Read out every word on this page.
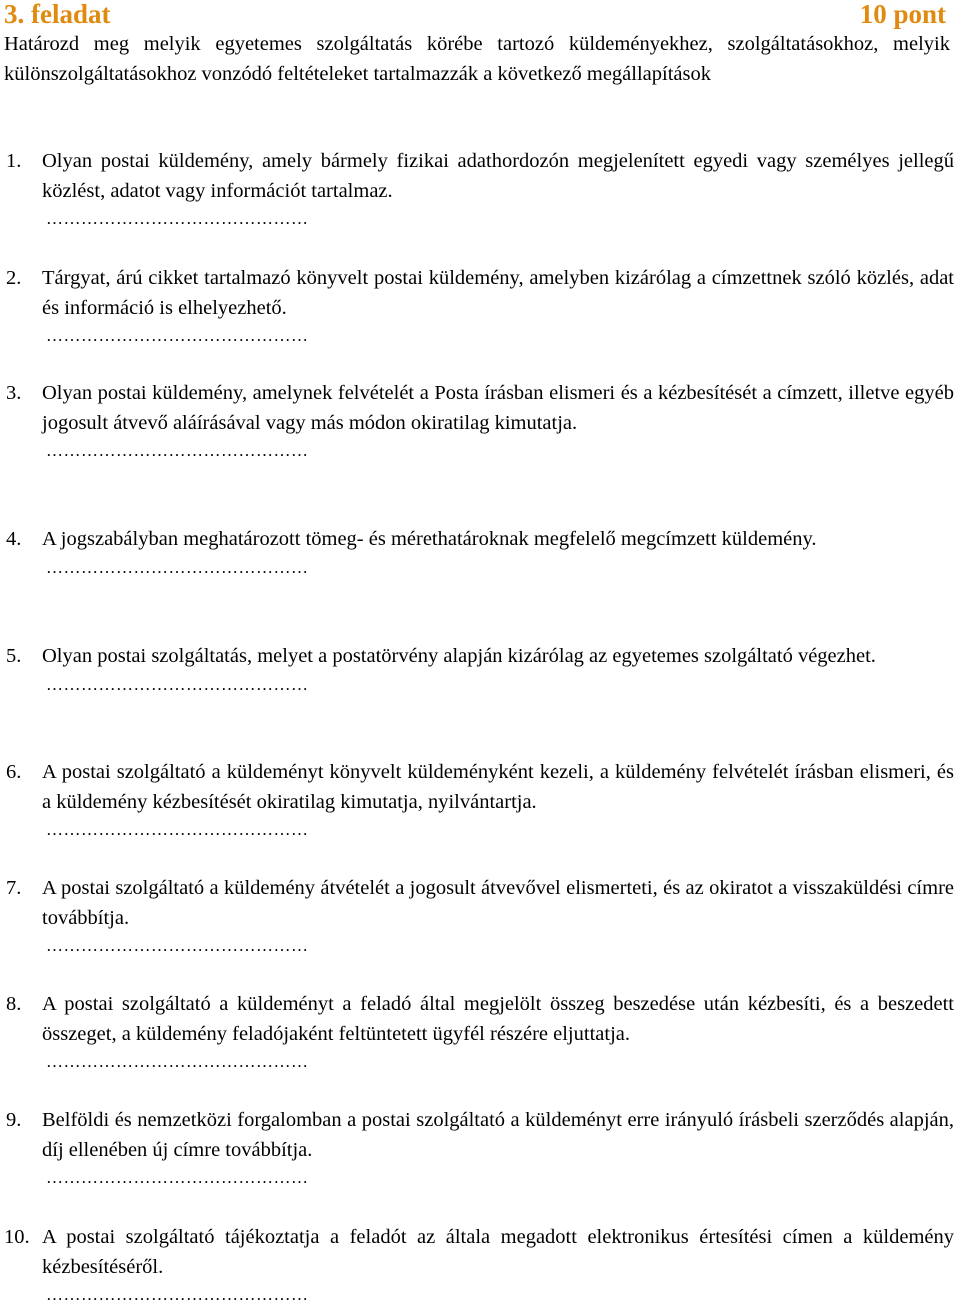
3. feladat	10 pont
Határozd meg melyik egyetemes szolgáltatás körébe tartozó küldeményekhez, szolgáltatásokhoz, melyik különszolgáltatásokhoz vonzódó feltételeket tartalmazzák a következő megállapítások
1. Olyan postai küldemény, amely bármely fizikai adathordozón megjelenített egyedi vagy személyes jellegű közlést, adatot vagy információt tartalmaz.
………………………………………
2. Tárgyat, árú cikket tartalmazó könyvelt postai küldemény, amelyben kizárólag a címzettnek szóló közlés, adat és információ is elhelyezhető.
………………………………………
3. Olyan postai küldemény, amelynek felvételét a Posta írásban elismeri és a kézbesítését a címzett, illetve egyéb jogosult átvevő aláírásával vagy más módon okiratilag kimutatja.
………………………………………
4. A jogszabályban meghatározott tömeg- és mérethatároknak megfelelő megcímzett küldemény.
………………………………………
5. Olyan postai szolgáltatás, melyet a postatörvény alapján kizárólag az egyetemes szolgáltató végezhet.
………………………………………
6. A postai szolgáltató a küldeményt könyvelt küldeményként kezeli, a küldemény felvételét írásban elismeri, és a küldemény kézbesítését okiratilag kimutatja, nyilvántartja.
………………………………………
7. A postai szolgáltató a küldemény átvételét a jogosult átvevővel elismerteti, és az okiratot a visszaküldési címre továbbítja.
………………………………………
8. A postai szolgáltató a küldeményt a feladó által megjelölt összeg beszedése után kézbesíti, és a beszedett összeget, a küldemény feladójaként feltüntetett ügyfél részére eljuttatja.
………………………………………
9. Belföldi és nemzetközi forgalomban a postai szolgáltató a küldeményt erre irányuló írásbeli szerződés alapján, díj ellenében új címre továbbítja.
………………………………………
10. A postai szolgáltató tájékoztatja a feladót az általa megadott elektronikus értesítési címen a küldemény kézbesítéséről.
………………………………………
